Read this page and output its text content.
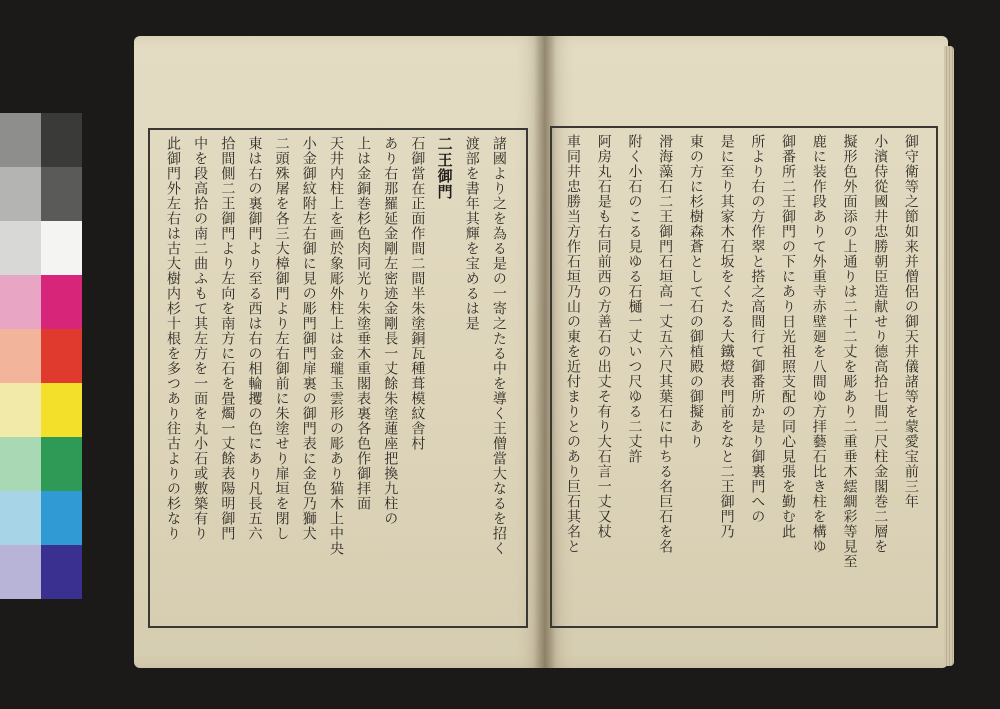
御守衛等之節如来并僧侶の御天井儀諸等を蒙愛宝前三年
小濱侍從國井忠勝朝臣造献せり德高拾七間二尺柱金閣巻二層を
擬形色外面添の上通りは二十二丈を彫あり二重垂木繧繝彩等見至
鹿に装作段ありて外重寺赤壁廻を八間ゆ方拝藝石比き柱を構ゆ
御番所二王御門の下にあり日光祖照支配の同心見張を勤む此
所より右の方作翠と搭之高間行て御番所か是り御裏門への
是に至り其家木石坂をくたる大鐵燈表門前をなと二王御門乃
東の方に杉樹森蒼として石の御植殿の御擬あり
滑海藻石二王御門石垣高一丈五六尺其葉石に中ちる名巨石を名
附く小石のこる見ゆる石樋一丈いつ尺ゆる二丈許
阿房丸石是も右同前西の方善石の出丈そ有り大石言一丈又杖
車同井忠勝当方作石垣乃山の東を近付まりとのあり巨石其名と
諸國より之を為る是の一寄之たる中を導く王僧當大なるを招く
渡部を書年其輝を宝めるは是
二王御門
石御當在正面作間二間半朱塗銅瓦種葺模紋舎村
あり右那羅延金剛左密迹金剛長一丈餘朱塗蓮座把換九柱の
上は金銅巻杉色肉同光り朱塗垂木重閣表裏各色作御拝面
天井内柱上を画於象彫外柱上は金瓏玉雲形の彫あり猫木上中央
小金御紋附左右御に見の彫門御門扉裏の御門表に金色乃獅犬
二頭殊屠を各三大樟御門より左右御前に朱塗せり扉垣を閉し
東は右の裏御門より至る西は右の相輪攫の色にあり凡長五六
拾間側二王御門より左向を南方に石を畳燭一丈餘表陽明御門
中を段高拾の南二曲ふもて其左方を一面を丸小石或敷築有り
此御門外左右は古大樹内杉十根を多つあり往古よりの杉なり
